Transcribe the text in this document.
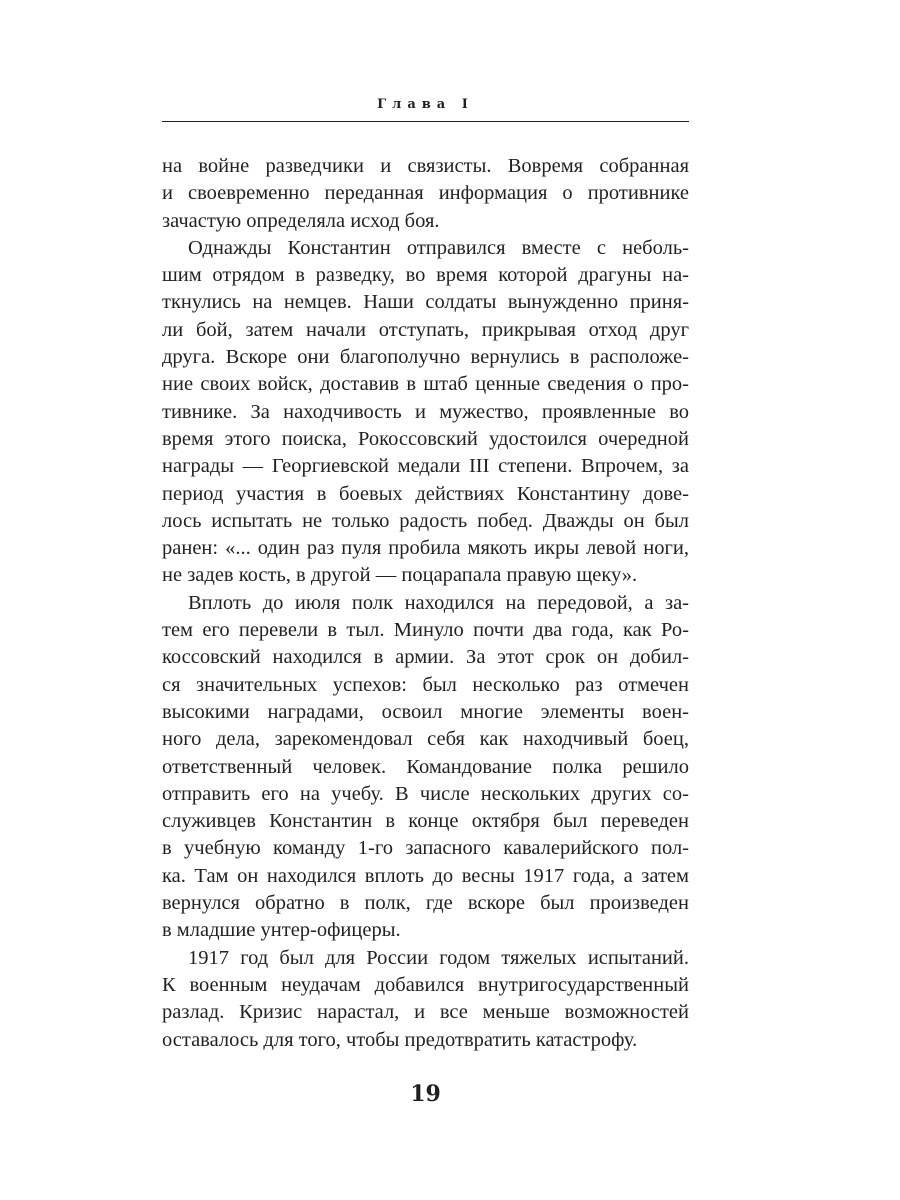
Глава I

на войне разведчики и связисты. Вовремя собранная
и своевременно переданная информация о противнике
зачастую определяла исход боя.

Однажды Константин отправился вместе с неболь-
шим отрядом в разведку, во время которой драгуны на-
ткнулись на немцев. Наши солдаты вынужденно приня-
ли бой, затем начали отступать, прикрывая отход друг
друга. Вскоре они благополучно вернулись в расположе-
ние своих войск, доставив в штаб ценные сведения о про-
тивнике. За находчивость и мужество, проявленные во
время этого поиска, Рокоссовский удостоился очередной
награды — Георгиевской медали III степени. Впрочем, за
период участия в боевых действиях Константину дове-
лось испытать не только радость побед. Дважды он был
ранен: «... один раз пуля пробила мякоть икры левой ноги,
не задев кость, в другой — поцарапала правую щеку».

Вплоть до июля полк находился на передовой, а за-
тем его перевели в тыл. Минуло почти два года, как Ро-
коссовский находился в армии. За этот срок он добил-
ся значительных успехов: был несколько раз отмечен
высокими наградами, освоил многие элементы воен-
ного дела, зарекомендовал себя как находчивый боец,
ответственный человек. Командование полка решило
отправить его на учебу. В числе нескольких других со-
служивцев Константин в конце октября был переведен
в учебную команду 1-го запасного кавалерийского пол-
ка. Там он находился вплоть до весны 1917 года, а затем
вернулся обратно в полк, где вскоре был произведен
в младшие унтер-офицеры.

1917 год был для России годом тяжелых испытаний.
К военным неудачам добавился внутригосударственный
разлад. Кризис нарастал, и все меньше возможностей
оставалось для того, чтобы предотвратить катастрофу.

19
